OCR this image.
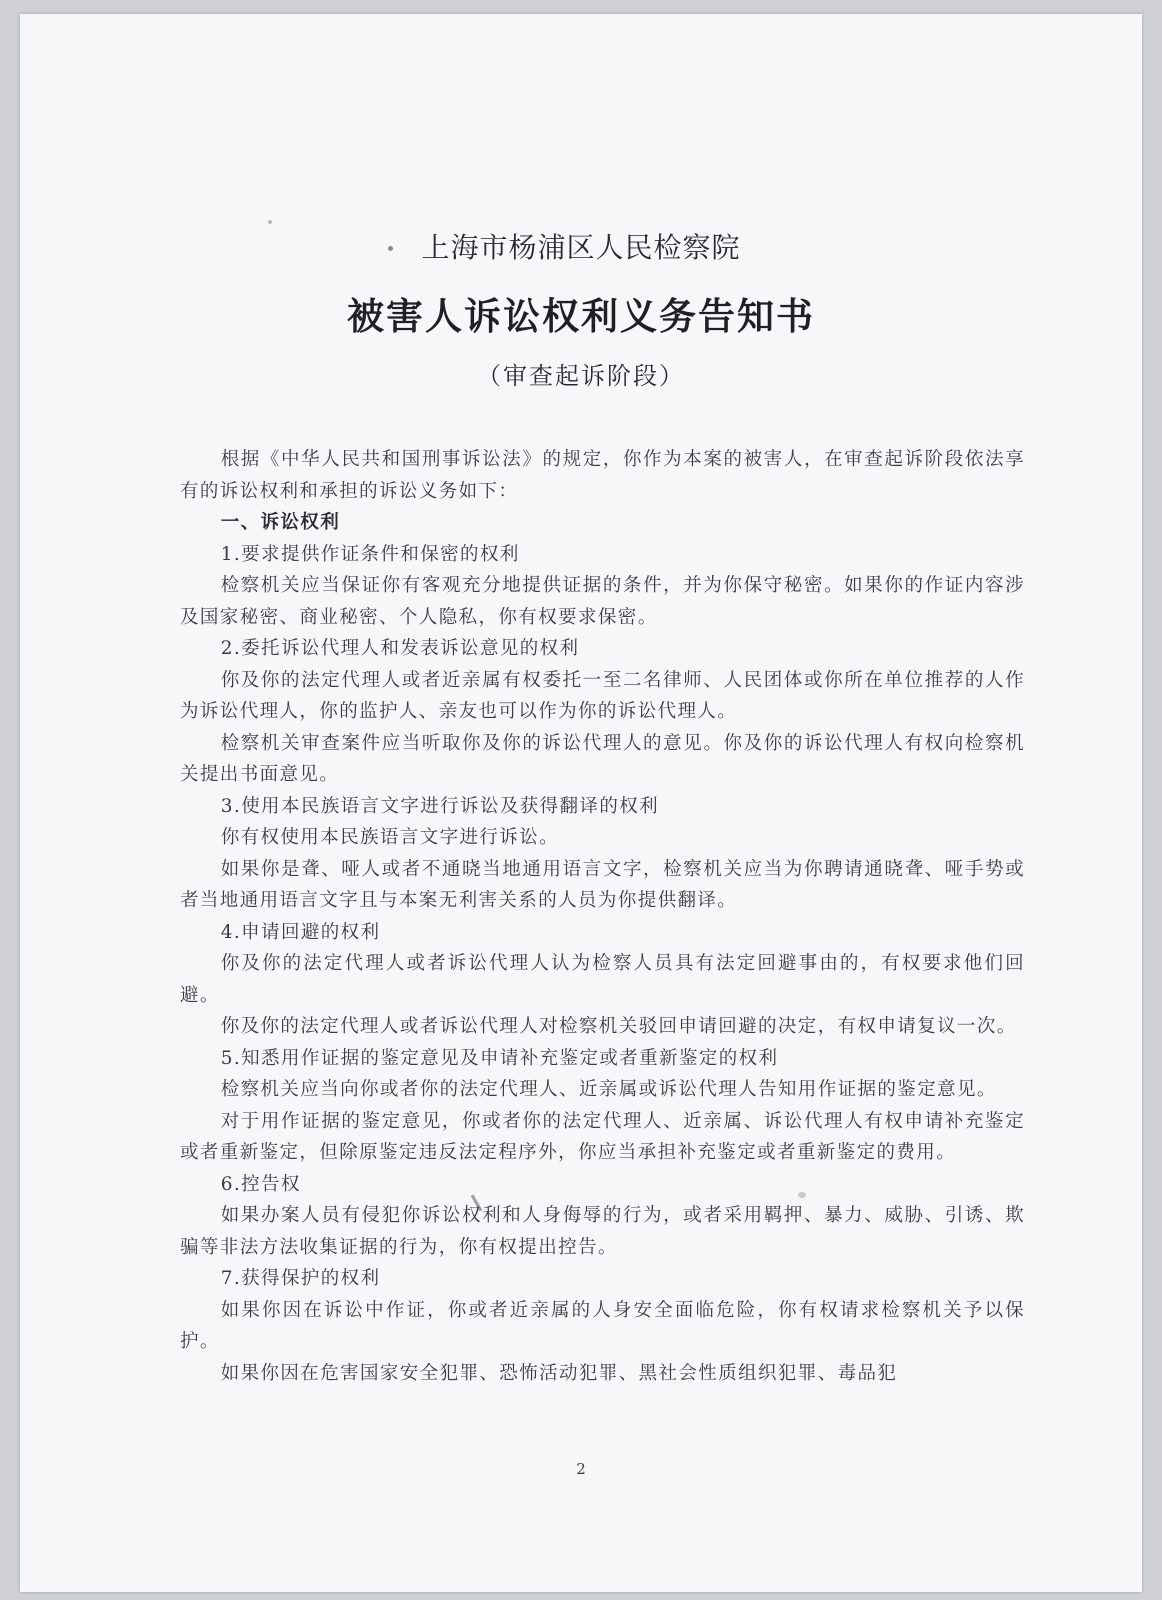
上海市杨浦区人民检察院
被害人诉讼权利义务告知书
（审查起诉阶段）

根据《中华人民共和国刑事诉讼法》的规定，你作为本案的被害人，在审查起诉阶段依法享有的诉讼权利和承担的诉讼义务如下：

一、诉讼权利

1.要求提供作证条件和保密的权利

检察机关应当保证你有客观充分地提供证据的条件，并为你保守秘密。如果你的作证内容涉及国家秘密、商业秘密、个人隐私，你有权要求保密。

2.委托诉讼代理人和发表诉讼意见的权利

你及你的法定代理人或者近亲属有权委托一至二名律师、人民团体或你所在单位推荐的人作为诉讼代理人，你的监护人、亲友也可以作为你的诉讼代理人。

检察机关审查案件应当听取你及你的诉讼代理人的意见。你及你的诉讼代理人有权向检察机关提出书面意见。

3.使用本民族语言文字进行诉讼及获得翻译的权利

你有权使用本民族语言文字进行诉讼。

如果你是聋、哑人或者不通晓当地通用语言文字，检察机关应当为你聘请通晓聋、哑手势或者当地通用语言文字且与本案无利害关系的人员为你提供翻译。

4.申请回避的权利

你及你的法定代理人或者诉讼代理人认为检察人员具有法定回避事由的，有权要求他们回避。

你及你的法定代理人或者诉讼代理人对检察机关驳回申请回避的决定，有权申请复议一次。

5.知悉用作证据的鉴定意见及申请补充鉴定或者重新鉴定的权利

检察机关应当向你或者你的法定代理人、近亲属或诉讼代理人告知用作证据的鉴定意见。

对于用作证据的鉴定意见，你或者你的法定代理人、近亲属、诉讼代理人有权申请补充鉴定或者重新鉴定，但除原鉴定违反法定程序外，你应当承担补充鉴定或者重新鉴定的费用。

6.控告权

如果办案人员有侵犯你诉讼权利和人身侮辱的行为，或者采用羁押、暴力、威胁、引诱、欺骗等非法方法收集证据的行为，你有权提出控告。

7.获得保护的权利

如果你因在诉讼中作证，你或者近亲属的人身安全面临危险，你有权请求检察机关予以保护。

如果你因在危害国家安全犯罪、恐怖活动犯罪、黑社会性质组织犯罪、毒品犯

2
